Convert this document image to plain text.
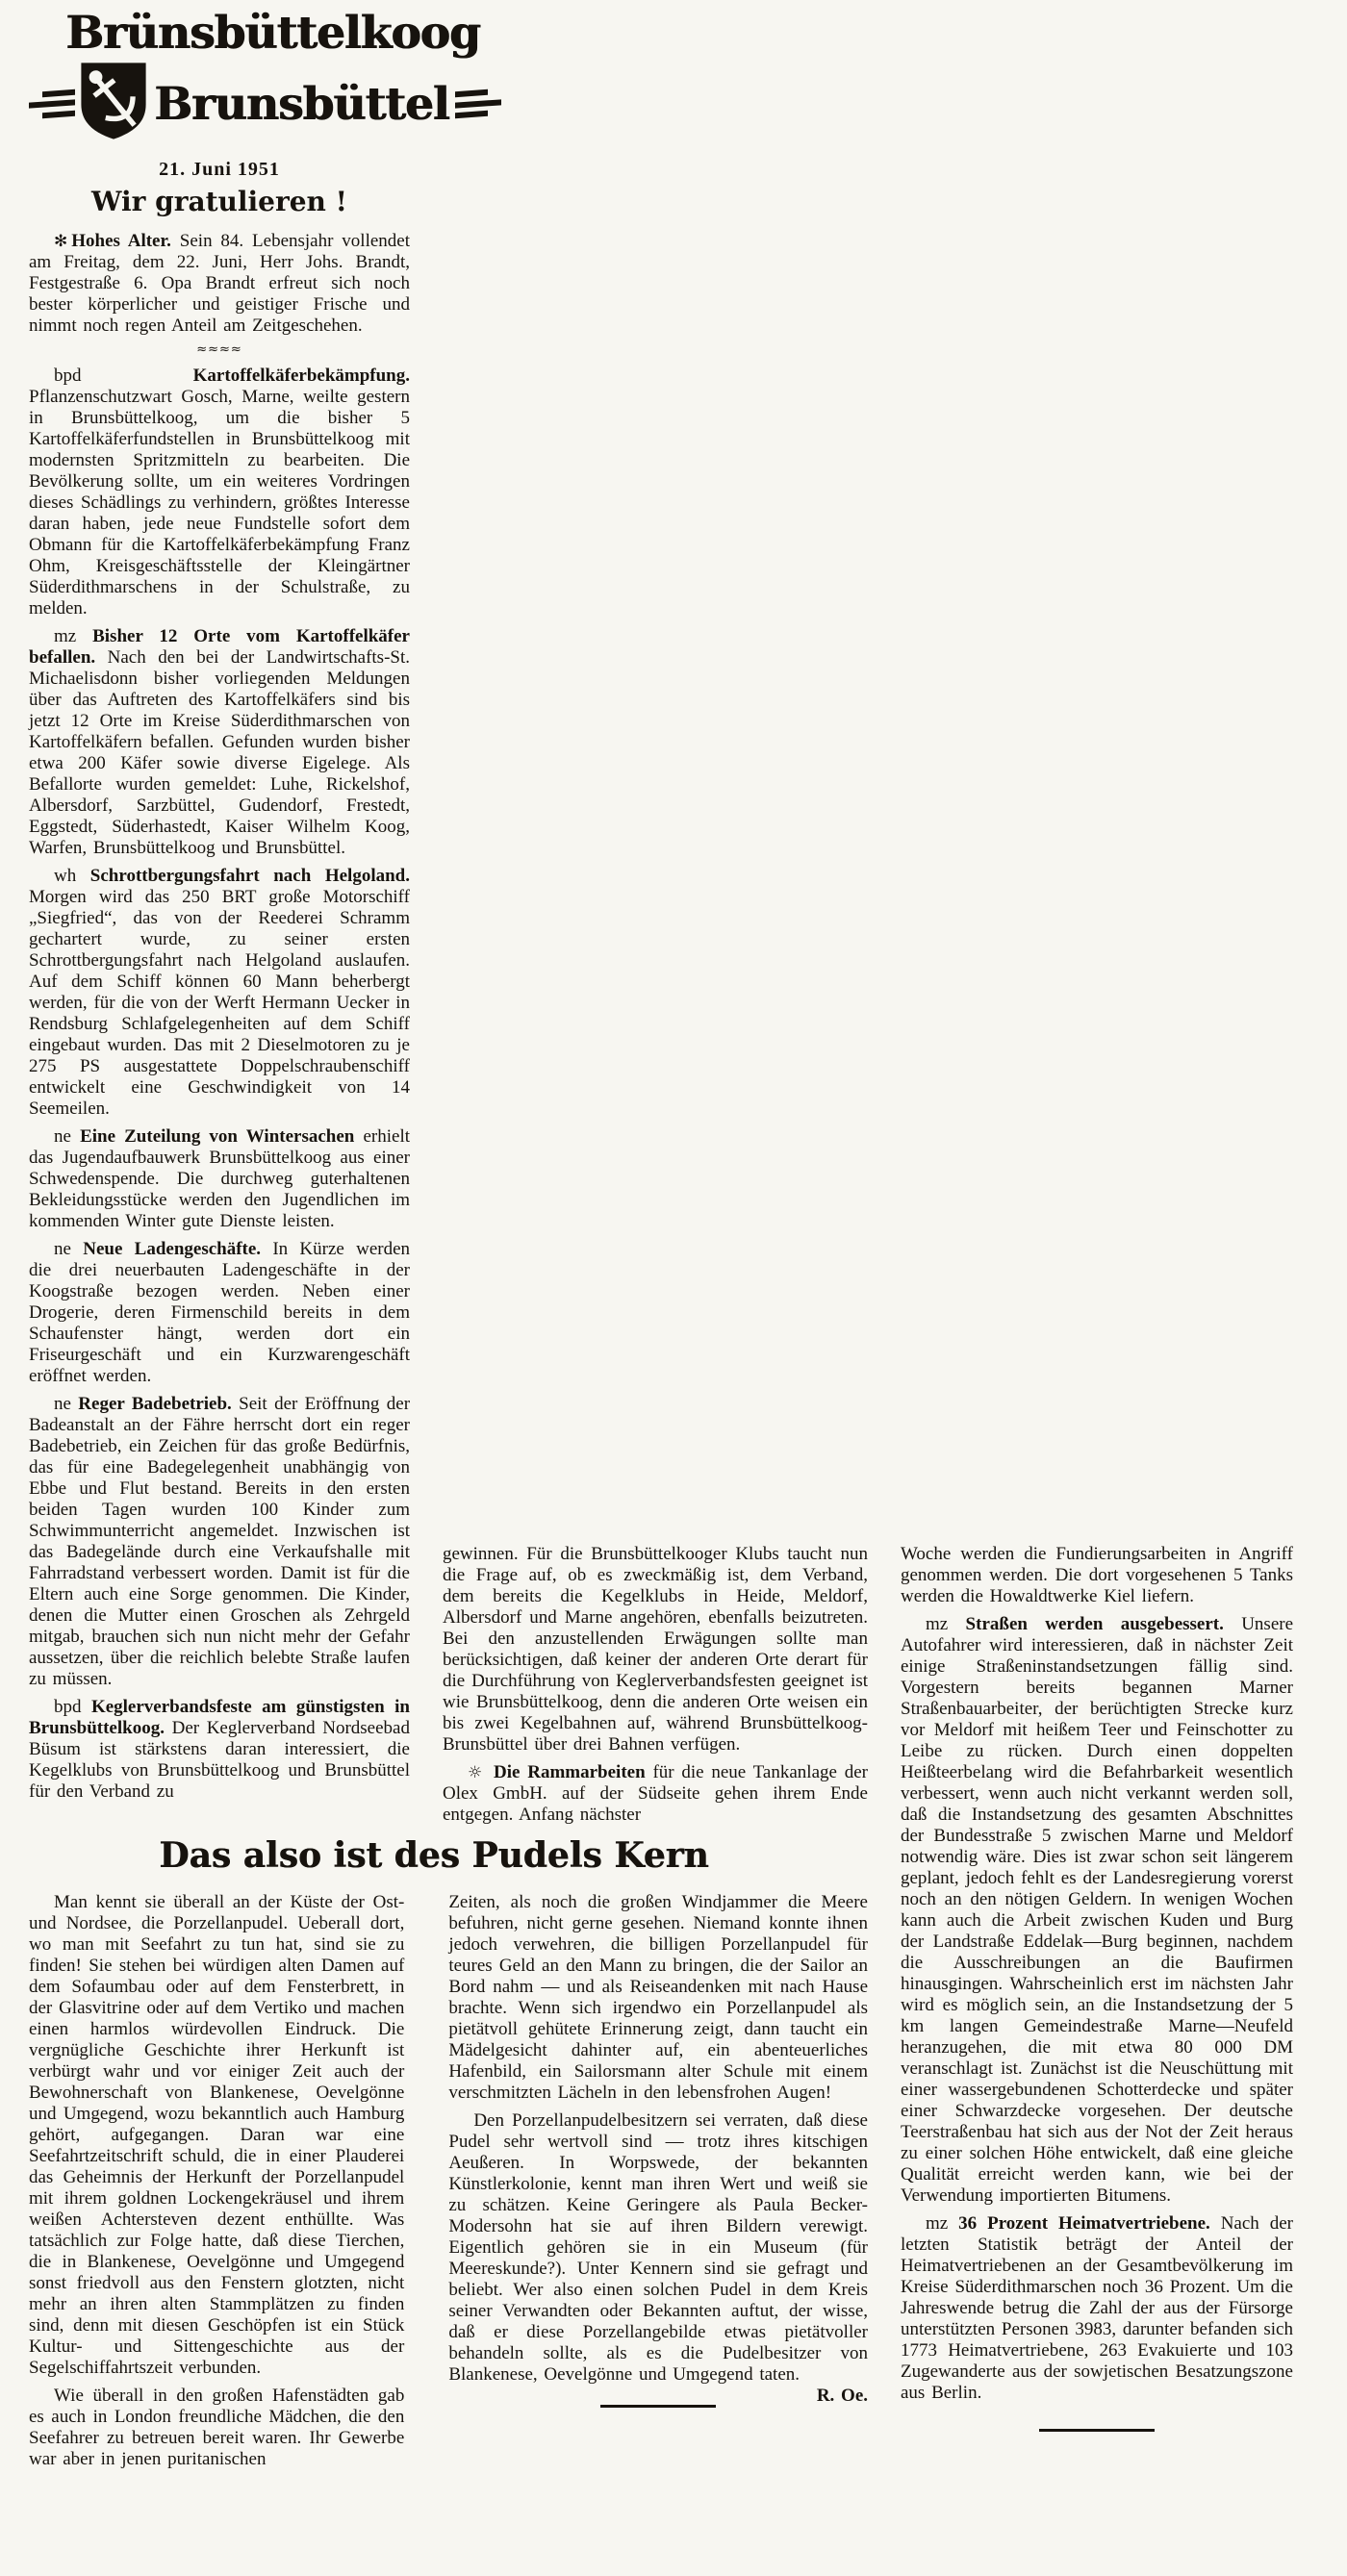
Brünsbüttelkoog
Brunsbüttel
21. Juni 1951
Wir gratulieren !

✻ Hohes Alter. Sein 84. Lebensjahr vollendet am Freitag, dem 22. Juni, Herr Johs. Brandt, Festgestraße 6. Opa Brandt erfreut sich noch bester körperlicher und geistiger Frische und nimmt noch regen Anteil am Zeitgeschehen.

≈≈≈≈

bpd	Kartoffelkäferbekämpfung. Pflanzenschutzwart Gosch, Marne, weilte gestern in Brunsbüttelkoog, um die bisher 5 Kartoffelkäferfundstellen in Brunsbüttelkoog mit modernsten Spritzmitteln zu bearbeiten. Die Bevölkerung sollte, um ein weiteres Vordringen dieses Schädlings zu verhindern, größtes Interesse daran haben, jede neue Fundstelle sofort dem Obmann für die Kartoffelkäferbekämpfung Franz Ohm, Kreisgeschäftsstelle der Kleingärtner Süderdithmarschens in der Schulstraße, zu melden.

mz Bisher 12 Orte vom Kartoffelkäfer befallen. Nach den bei der Landwirtschafts-St. Michaelisdonn bisher vorliegenden Meldungen über das Auftreten des Kartoffelkäfers sind bis jetzt 12 Orte im Kreise Süderdithmarschen von Kartoffelkäfern befallen. Gefunden wurden bisher etwa 200 Käfer sowie diverse Eigelege. Als Befallorte wurden gemeldet: Luhe, Rickelshof, Albersdorf, Sarzbüttel, Gudendorf, Frestedt, Eggstedt, Süderhastedt, Kaiser Wilhelm Koog, Warfen, Brunsbüttelkoog und Brunsbüttel.

wh Schrottbergungsfahrt nach Helgoland. Morgen wird das 250 BRT große Motorschiff „Siegfried“, das von der Reederei Schramm gechartert wurde, zu seiner ersten Schrottbergungsfahrt nach Helgoland auslaufen. Auf dem Schiff können 60 Mann beherbergt werden, für die von der Werft Hermann Uecker in Rendsburg Schlafgelegenheiten auf dem Schiff eingebaut wurden. Das mit 2 Dieselmotoren zu je 275 PS ausgestattete Doppelschraubenschiff entwickelt eine Geschwindigkeit von 14 Seemeilen.

ne Eine Zuteilung von Wintersachen erhielt das Jugendaufbauwerk Brunsbüttelkoog aus einer Schwedenspende. Die durchweg guterhaltenen Bekleidungsstücke werden den Jugendlichen im kommenden Winter gute Dienste leisten.

ne Neue Ladengeschäfte. In Kürze werden die drei neuerbauten Ladengeschäfte in der Koogstraße bezogen werden. Neben einer Drogerie, deren Firmenschild bereits in dem Schaufenster hängt, werden dort ein Friseurgeschäft und ein Kurzwarengeschäft eröffnet werden.

ne Reger Badebetrieb. Seit der Eröffnung der Badeanstalt an der Fähre herrscht dort ein reger Badebetrieb, ein Zeichen für das große Bedürfnis, das für eine Badegelegenheit unabhängig von Ebbe und Flut bestand. Bereits in den ersten beiden Tagen wurden 100 Kinder zum Schwimmunterricht angemeldet. Inzwischen ist das Badegelände durch eine Verkaufshalle mit Fahrradstand verbessert worden. Damit ist für die Eltern auch eine Sorge genommen. Die Kinder, denen die Mutter einen Groschen als Zehrgeld mitgab, brauchen sich nun nicht mehr der Gefahr aussetzen, über die reichlich belebte Straße laufen zu müssen.

bpd Keglerverbandsfeste am günstigsten in Brunsbüttelkoog. Der Keglerverband Nordseebad Büsum ist stärkstens daran interessiert, die Kegelklubs von Brunsbüttelkoog und Brunsbüttel für den Verband zu

gewinnen. Für die Brunsbüttelkooger Klubs taucht nun die Frage auf, ob es zweckmäßig ist, dem Verband, dem bereits die Kegelklubs in Heide, Meldorf, Albersdorf und Marne angehören, ebenfalls beizutreten. Bei den anzustellenden Erwägungen sollte man berücksichtigen, daß keiner der anderen Orte derart für die Durchführung von Keglerverbandsfesten geeignet ist wie Brunsbüttelkoog, denn die anderen Orte weisen ein bis zwei Kegelbahnen auf, während Brunsbüttelkoog-Brunsbüttel über drei Bahnen verfügen.

☼ Die Rammarbeiten für die neue Tankanlage der Olex GmbH. auf der Südseite gehen ihrem Ende entgegen. Anfang nächster

Woche werden die Fundierungsarbeiten in Angriff genommen werden. Die dort vorgesehenen 5 Tanks werden die Howaldtwerke Kiel liefern.

mz Straßen werden ausgebessert. Unsere Autofahrer wird interessieren, daß in nächster Zeit einige Straßeninstandsetzungen fällig sind. Vorgestern bereits begannen Marner Straßenbauarbeiter, der berüchtigten Strecke kurz vor Meldorf mit heißem Teer und Feinschotter zu Leibe zu rücken. Durch einen doppelten Heißteerbelang wird die Befahrbarkeit wesentlich verbessert, wenn auch nicht verkannt werden soll, daß die Instandsetzung des gesamten Abschnittes der Bundesstraße 5 zwischen Marne und Meldorf notwendig wäre. Dies ist zwar schon seit längerem geplant, jedoch fehlt es der Landesregierung vorerst noch an den nötigen Geldern. In wenigen Wochen kann auch die Arbeit zwischen Kuden und Burg der Landstraße Eddelak—Burg beginnen, nachdem die Ausschreibungen an die Baufirmen hinausgingen. Wahrscheinlich erst im nächsten Jahr wird es möglich sein, an die Instandsetzung der 5 km langen Gemeindestraße Marne—Neufeld heranzugehen, die mit etwa 80 000 DM veranschlagt ist. Zunächst ist die Neuschüttung mit einer wassergebundenen Schotterdecke und später einer Schwarzdecke vorgesehen. Der deutsche Teerstraßenbau hat sich aus der Not der Zeit heraus zu einer solchen Höhe entwickelt, daß eine gleiche Qualität erreicht werden kann, wie bei der Verwendung importierten Bitumens.

mz 36 Prozent Heimatvertriebene. Nach der letzten Statistik beträgt der Anteil der Heimatvertriebenen an der Gesamtbevölkerung im Kreise Süderdithmarschen noch 36 Prozent. Um die Jahreswende betrug die Zahl der aus der Fürsorge unterstützten Personen 3983, darunter befanden sich 1773 Heimatvertriebene, 263 Evakuierte und 103 Zugewanderte aus der sowjetischen Besatzungszone aus Berlin.

Das also ist des Pudels Kern

Man kennt sie überall an der Küste der Ost- und Nordsee, die Porzellanpudel. Ueberall dort, wo man mit Seefahrt zu tun hat, sind sie zu finden! Sie stehen bei würdigen alten Damen auf dem Sofaumbau oder auf dem Fensterbrett, in der Glasvitrine oder auf dem Vertiko und machen einen harmlos würdevollen Eindruck. Die vergnügliche Geschichte ihrer Herkunft ist verbürgt wahr und vor einiger Zeit auch der Bewohnerschaft von Blankenese, Oevelgönne und Umgegend, wozu bekanntlich auch Hamburg gehört, aufgegangen. Daran war eine Seefahrtzeitschrift schuld, die in einer Plauderei das Geheimnis der Herkunft der Porzellanpudel mit ihrem goldnen Lockengekräusel und ihrem weißen Achtersteven dezent enthüllte. Was tatsächlich zur Folge hatte, daß diese Tierchen, die in Blankenese, Oevelgönne und Umgegend sonst friedvoll aus den Fenstern glotzten, nicht mehr an ihren alten Stammplätzen zu finden sind, denn mit diesen Geschöpfen ist ein Stück Kultur- und Sittengeschichte aus der Segelschiffahrtszeit verbunden.

Wie überall in den großen Hafenstädten gab es auch in London freundliche Mädchen, die den Seefahrer zu betreuen bereit waren. Ihr Gewerbe war aber in jenen puritanischen

Zeiten, als noch die großen Windjammer die Meere befuhren, nicht gerne gesehen. Niemand konnte ihnen jedoch verwehren, die billigen Porzellanpudel für teures Geld an den Mann zu bringen, die der Sailor an Bord nahm — und als Reiseandenken mit nach Hause brachte. Wenn sich irgendwo ein Porzellanpudel als pietätvoll gehütete Erinnerung zeigt, dann taucht ein Mädelgesicht dahinter auf, ein abenteuerliches Hafenbild, ein Sailorsmann alter Schule mit einem verschmitzten Lächeln in den lebensfrohen Augen!

Den Porzellanpudelbesitzern sei verraten, daß diese Pudel sehr wertvoll sind — trotz ihres kitschigen Aeußeren. In Worpswede, der bekannten Künstlerkolonie, kennt man ihren Wert und weiß sie zu schätzen. Keine Geringere als Paula Becker-Modersohn hat sie auf ihren Bildern verewigt. Eigentlich gehören sie in ein Museum (für Meereskunde?). Unter Kennern sind sie gefragt und beliebt. Wer also einen solchen Pudel in dem Kreis seiner Verwandten oder Bekannten auftut, der wisse, daß er diese Porzellangebilde etwas pietätvoller behandeln sollte, als es die Pudelbesitzer von Blankenese, Oevelgönne und Umgegend taten.
R. Oe.
